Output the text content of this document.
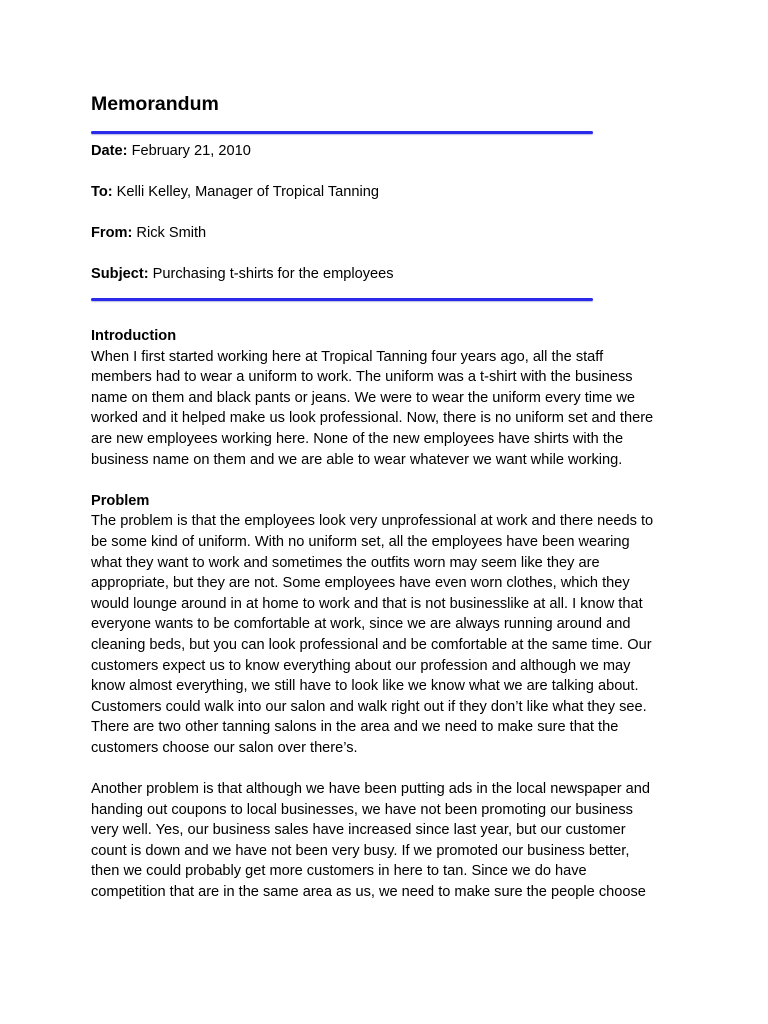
Memorandum

Date: February 21, 2010

To: Kelli Kelley, Manager of Tropical Tanning

From: Rick Smith

Subject: Purchasing t-shirts for the employees

Introduction

When I first started working here at Tropical Tanning four years ago, all the staff
members had to wear a uniform to work. The uniform was a t-shirt with the business
name on them and black pants or jeans. We were to wear the uniform every time we
worked and it helped make us look professional. Now, there is no uniform set and there
are new employees working here. None of the new employees have shirts with the
business name on them and we are able to wear whatever we want while working.

Problem

The problem is that the employees look very unprofessional at work and there needs to
be some kind of uniform. With no uniform set, all the employees have been wearing
what they want to work and sometimes the outfits worn may seem like they are
appropriate, but they are not. Some employees have even worn clothes, which they
would lounge around in at home to work and that is not businesslike at all. I know that
everyone wants to be comfortable at work, since we are always running around and
cleaning beds, but you can look professional and be comfortable at the same time. Our
customers expect us to know everything about our profession and although we may
know almost everything, we still have to look like we know what we are talking about.
Customers could walk into our salon and walk right out if they don’t like what they see.
There are two other tanning salons in the area and we need to make sure that the
customers choose our salon over there’s.

Another problem is that although we have been putting ads in the local newspaper and
handing out coupons to local businesses, we have not been promoting our business
very well. Yes, our business sales have increased since last year, but our customer
count is down and we have not been very busy. If we promoted our business better,
then we could probably get more customers in here to tan. Since we do have
competition that are in the same area as us, we need to make sure the people choose
